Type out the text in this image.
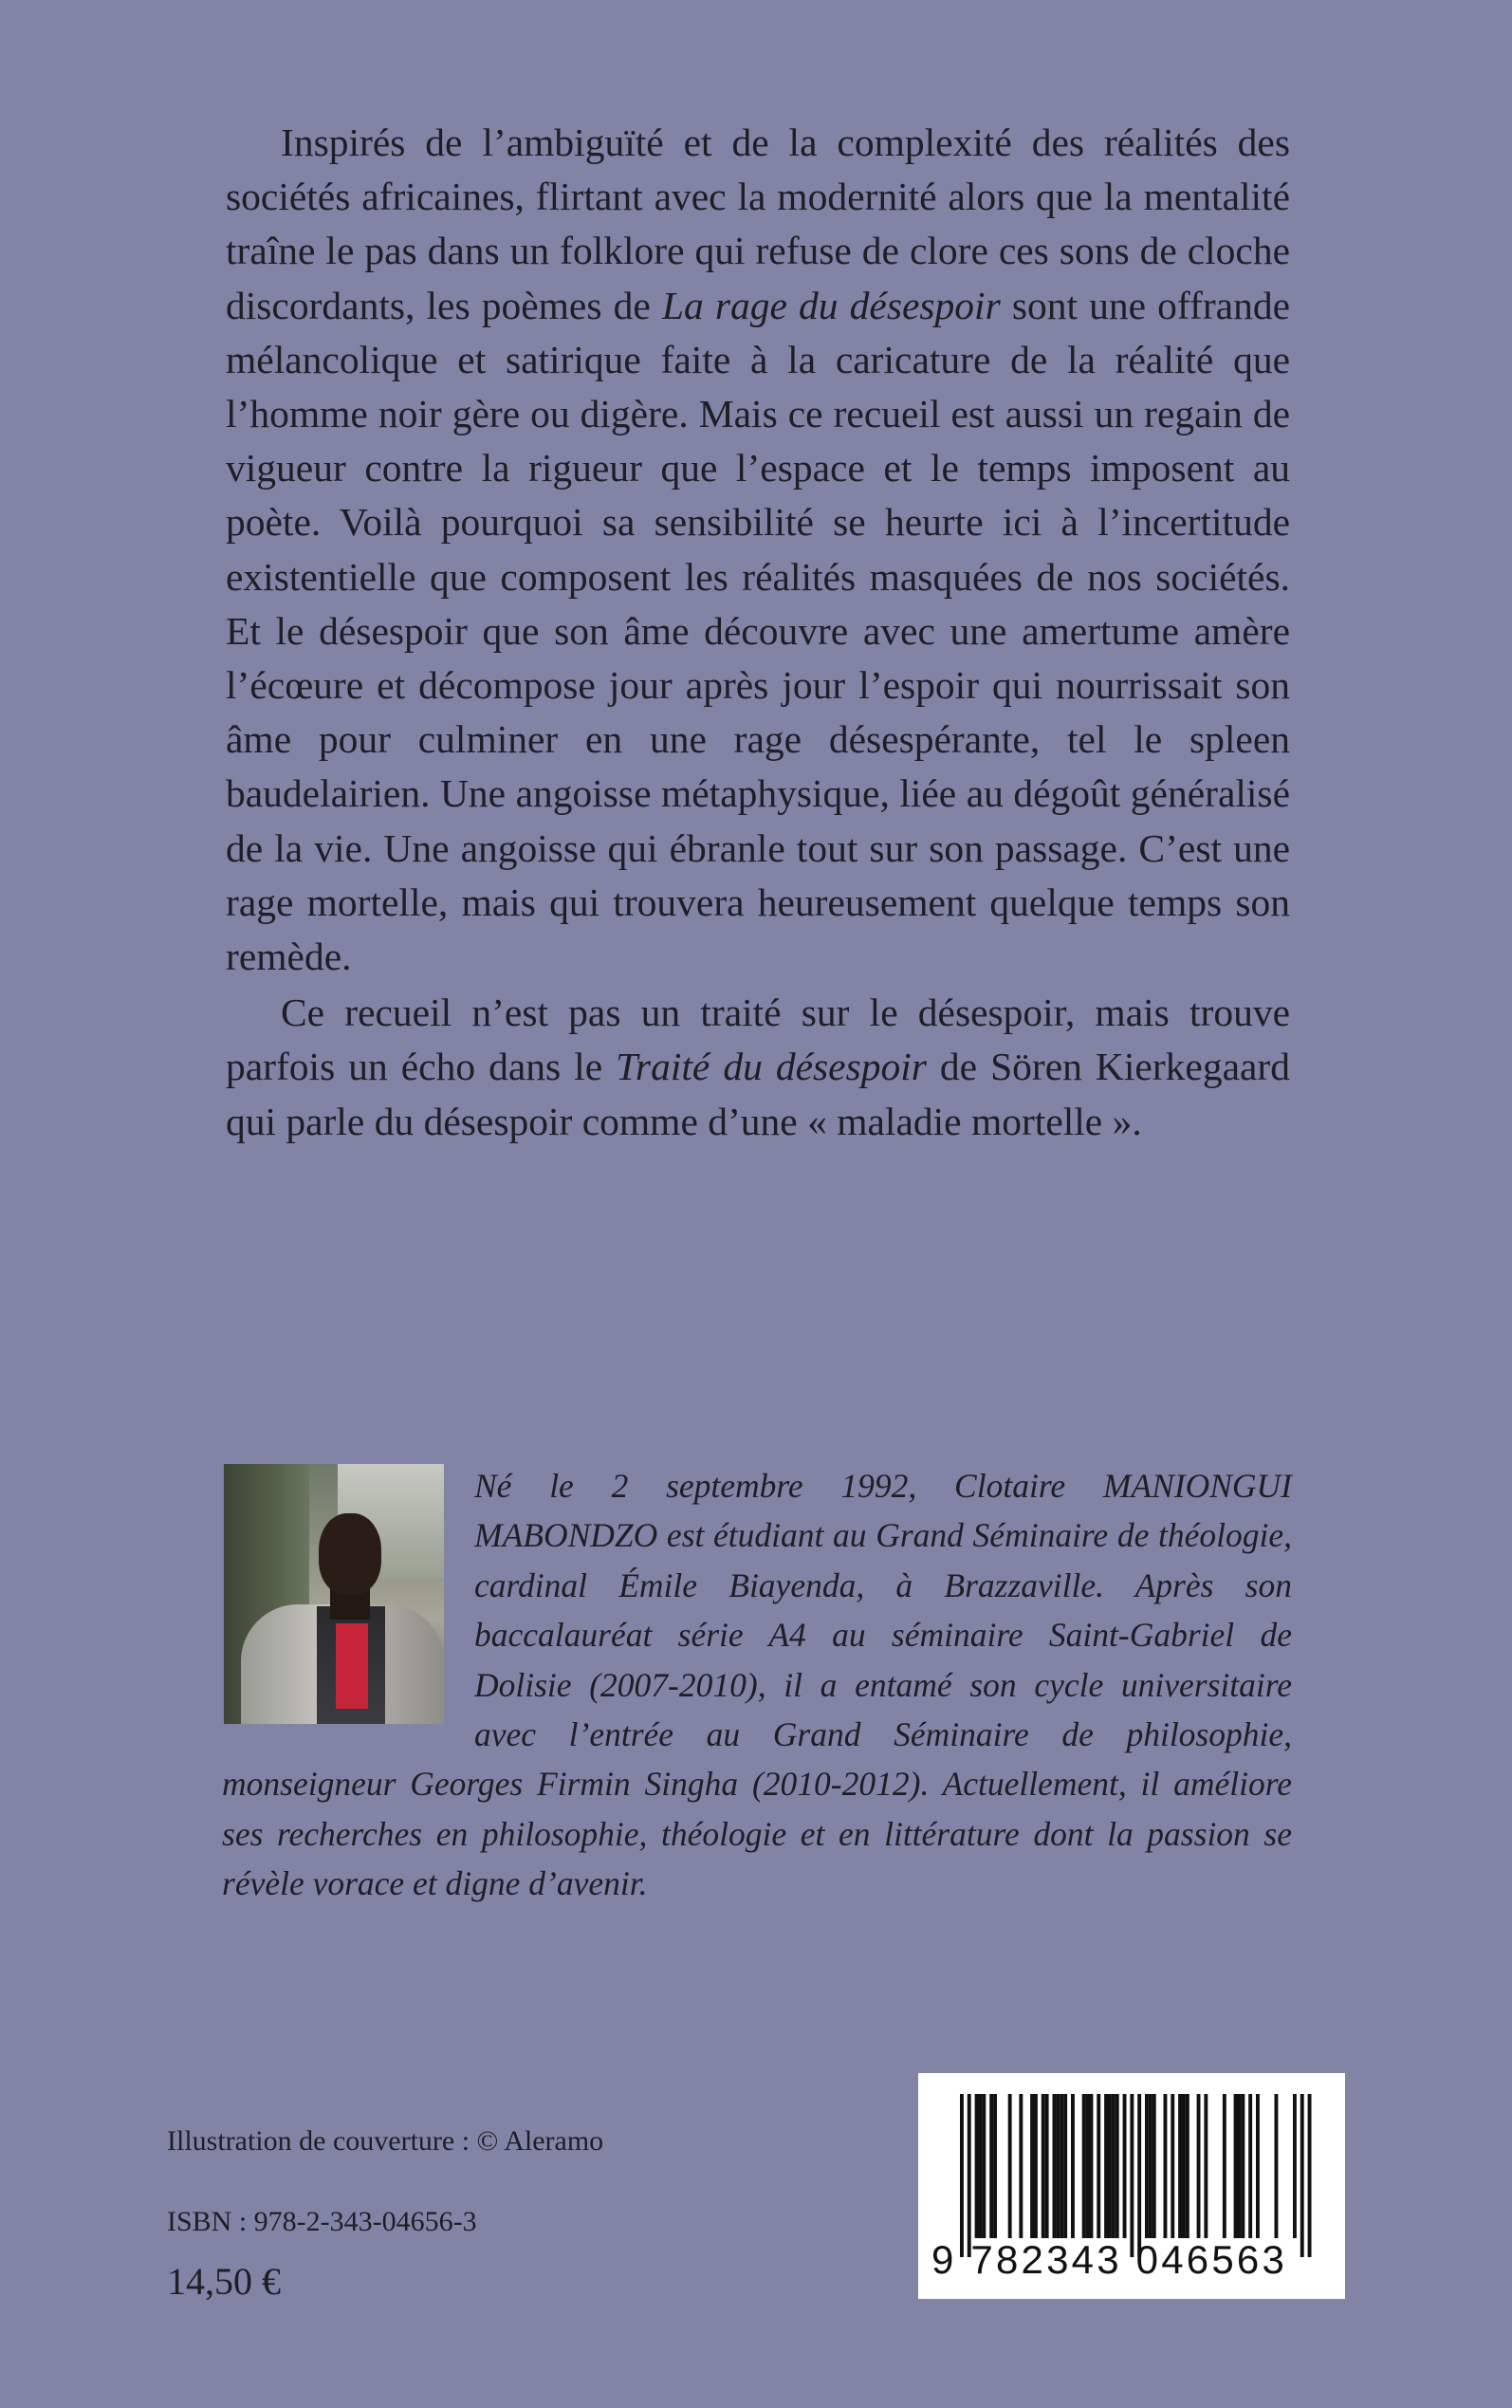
Inspirés de l’ambiguïté et de la complexité des réalités des sociétés africaines, flirtant avec la modernité alors que la mentalité traîne le pas dans un folklore qui refuse de clore ces sons de cloche discordants, les poèmes de La rage du désespoir sont une offrande mélancolique et satirique faite à la caricature de la réalité que l’homme noir gère ou digère. Mais ce recueil est aussi un regain de vigueur contre la rigueur que l’espace et le temps imposent au poète. Voilà pourquoi sa sensibilité se heurte ici à l’incertitude existentielle que composent les réalités masquées de nos sociétés. Et le désespoir que son âme découvre avec une amertume amère l’écœure et décompose jour après jour l’espoir qui nourrissait son âme pour culminer en une rage désespérante, tel le spleen baudelairien. Une angoisse métaphysique, liée au dégoût généralisé de la vie. Une angoisse qui ébranle tout sur son passage. C’est une rage mortelle, mais qui trouvera heureusement quelque temps son remède.

Ce recueil n’est pas un traité sur le désespoir, mais trouve parfois un écho dans le Traité du désespoir de Sören Kierkegaard qui parle du désespoir comme d’une « maladie mortelle ».

Né le 2 septembre 1992, Clotaire MANIONGUI MABONDZO est étudiant au Grand Séminaire de théologie, cardinal Émile Biayenda, à Brazzaville. Après son baccalauréat série A4 au séminaire Saint-Gabriel de Dolisie (2007-2010), il a entamé son cycle universitaire avec l’entrée au Grand Séminaire de philosophie, monseigneur Georges Firmin Singha (2010-2012). Actuellement, il améliore ses recherches en philosophie, théologie et en littérature dont la passion se révèle vorace et digne d’avenir.

Illustration de couverture : © Aleramo
ISBN : 978-2-343-04656-3
14,50 €	9 782343 046563
